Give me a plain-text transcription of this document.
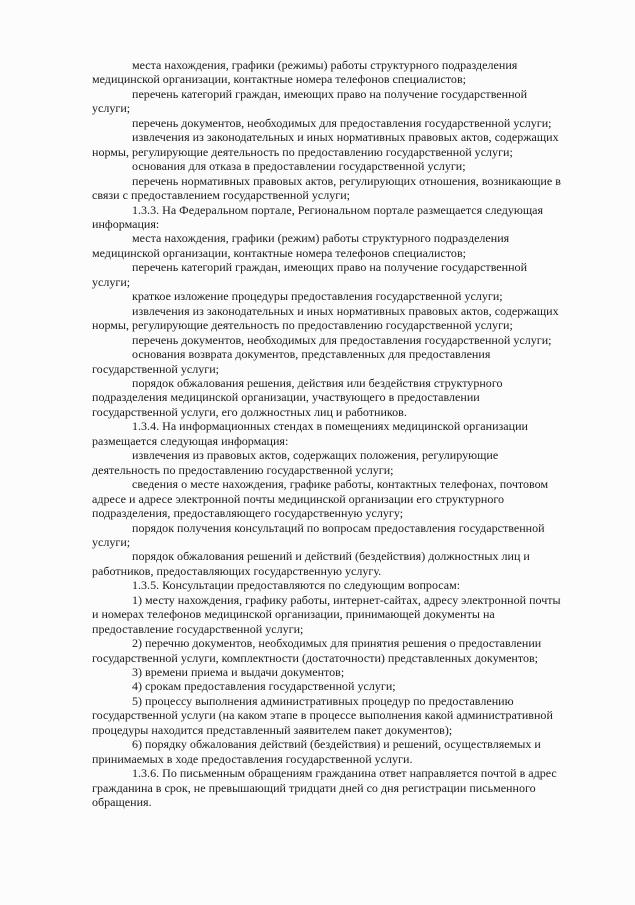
места нахождения, графики (режимы) работы структурного подразделения
медицинской организации, контактные номера телефонов специалистов;

перечень категорий граждан, имеющих право на получение государственной
услуги;

перечень документов, необходимых для предоставления государственной услуги;

извлечения из законодательных и иных нормативных правовых актов, содержащих
нормы, регулирующие деятельность по предоставлению государственной услуги;

основания для отказа в предоставлении государственной услуги;

перечень нормативных правовых актов, регулирующих отношения, возникающие в
связи с предоставлением государственной услуги;

1.3.3. На Федеральном портале, Региональном портале размещается следующая
информация:

места нахождения, графики (режим) работы структурного подразделения
медицинской организации, контактные номера телефонов специалистов;

перечень категорий граждан, имеющих право на получение государственной
услуги;

краткое изложение процедуры предоставления государственной услуги;

извлечения из законодательных и иных нормативных правовых актов, содержащих
нормы, регулирующие деятельность по предоставлению государственной услуги;

перечень документов, необходимых для предоставления государственной услуги;

основания возврата документов, представленных для предоставления
государственной услуги;

порядок обжалования решения, действия или бездействия структурного
подразделения медицинской организации, участвующего в предоставлении
государственной услуги, его должностных лиц и работников.

1.3.4. На информационных стендах в помещениях медицинской организации
размещается следующая информация:

извлечения из правовых актов, содержащих положения, регулирующие
деятельность по предоставлению государственной услуги;

сведения о месте нахождения, графике работы, контактных телефонах, почтовом
адресе и адресе электронной почты медицинской организации его структурного
подразделения, предоставляющего государственную услугу;

порядок получения консультаций по вопросам предоставления государственной
услуги;

порядок обжалования решений и действий (бездействия) должностных лиц и
работников, предоставляющих государственную услугу.

1.3.5. Консультации предоставляются по следующим вопросам:

1) месту нахождения, графику работы, интернет-сайтах, адресу электронной почты
и номерах телефонов медицинской организации, принимающей документы на
предоставление государственной услуги;

2) перечню документов, необходимых для принятия решения о предоставлении
государственной услуги, комплектности (достаточности) представленных документов;

3) времени приема и выдачи документов;

4) срокам предоставления государственной услуги;

5) процессу выполнения административных процедур по предоставлению
государственной услуги (на каком этапе в процессе выполнения какой административной
процедуры находится представленный заявителем пакет документов);

6) порядку обжалования действий (бездействия) и решений, осуществляемых и
принимаемых в ходе предоставления государственной услуги.

1.3.6. По письменным обращениям гражданина ответ направляется почтой в адрес
гражданина в срок, не превышающий тридцати дней со дня регистрации письменного
обращения.
